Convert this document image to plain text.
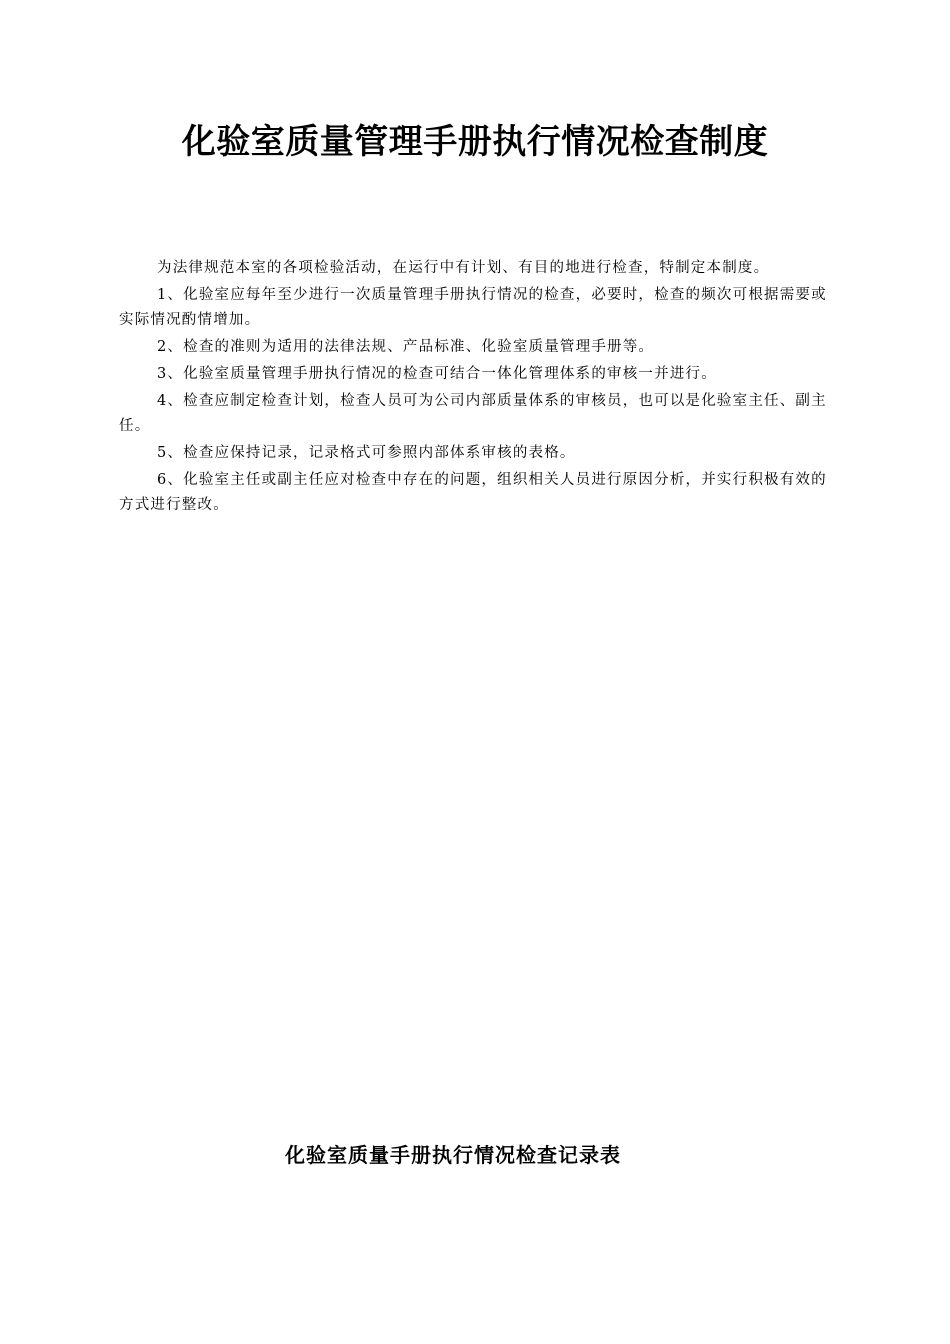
化验室质量管理手册执行情况检查制度

为法律规范本室的各项检验活动，在运行中有计划、有目的地进行检查，特制定本制度。

1、化验室应每年至少进行一次质量管理手册执行情况的检查，必要时，检查的频次可根据需要或实际情况酌情增加。

2、检查的准则为适用的法律法规、产品标准、化验室质量管理手册等。

3、化验室质量管理手册执行情况的检查可结合一体化管理体系的审核一并进行。

4、检查应制定检查计划，检查人员可为公司内部质量体系的审核员，也可以是化验室主任、副主任。

5、检查应保持记录，记录格式可参照内部体系审核的表格。

6、化验室主任或副主任应对检查中存在的问题，组织相关人员进行原因分析，并实行积极有效的方式进行整改。

化验室质量手册执行情况检查记录表
